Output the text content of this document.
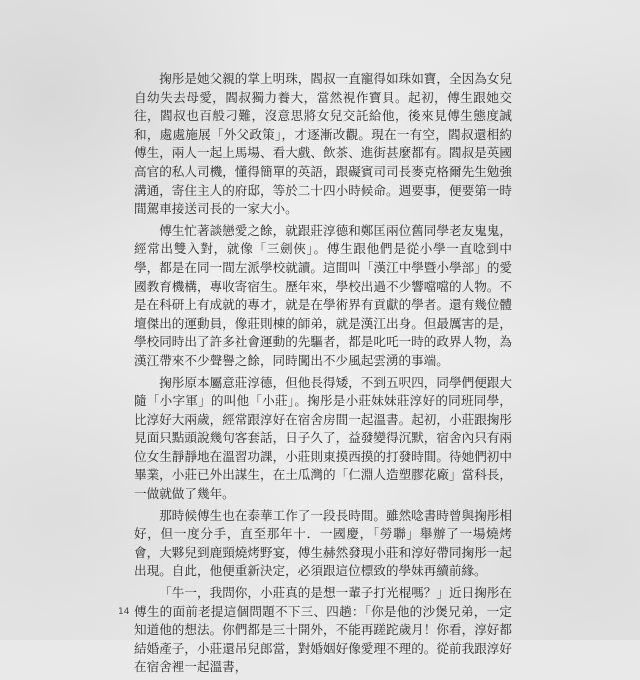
掬彤是她父親的掌上明珠，閻叔一直寵得如珠如寶，全因為女兒自幼失去母愛，閻叔獨力養大，當然視作寶貝。起初，傅生跟她交往，閻叔也百般刁難，沒意思將女兒交託給他，後來見傅生態度誠和，處處施展「外父政策」，才逐漸改觀。現在一有空，閻叔還相約傅生，兩人一起上馬場、看大戲、飲茶、進街甚麼都有。閻叔是英國高官的私人司機，懂得簡單的英語，跟礙賓司司長麥克格爾先生勉強溝通，寄住主人的府邸，等於二十四小時候命。週要事，便要第一時間駕車接送司長的一家大小。

傅生忙著談戀愛之餘，就跟莊淳德和鄭匡兩位舊同學老友鬼鬼，經常出雙入對，就像「三劍俠」。傅生跟他們是從小學一直唸到中學，都是在同一間左派學校就讀。這間叫「漢江中學暨小學部」的愛國教育機構，專收寄宿生。歷年來，學校出過不少響噹噹的人物。不是在科研上有成就的專才，就是在學術界有貢獻的學者。還有幾位體壇傑出的運動員，像莊則棟的師弟，就是漢江出身。但最厲害的是，學校同時出了許多社會運動的先驅者，都是叱吒一時的政界人物，為漢江帶來不少聲譽之餘，同時闖出不少風起雲湧的事端。

掬彤原本屬意莊淳德，但他長得矮，不到五呎四，同學們便跟大隨「小字軍」的叫他「小莊」。掬彤是小莊妹妹莊淳好的同班同學，比淳好大兩歲，經常跟淳好在宿舍房間一起溫書。起初，小莊跟掬彤見面只點頭說幾句客套話，日子久了，益發變得沉默，宿舍內只有兩位女生靜靜地在溫習功課，小莊則東摸西摸的打發時間。待她們初中畢業，小莊已外出謀生，在土瓜灣的「仁淵人造塑膠花廠」當科長，一做就做了幾年。

那時候傅生也在泰華工作了一段長時間。雖然唸書時曾與掬彤相好，但一度分手，直至那年十．一國慶，「勞聯」舉辦了一場燒烤會，大夥兒到鹿頸燒烤野宴，傅生赫然發現小莊和淳好帶同掬彤一起出現。自此，他便重新決定，必須跟這位標致的學妹再續前緣。

「牛一，我問你，小莊真的是想一輩子打光棍嗎？」近日掬彤在傅生的面前老提這個問題不下三、四趟：「你是他的沙煲兄弟，一定知道他的想法。你們都是三十開外，不能再蹉跎歲月！你看，淳好都結婚產子，小莊還吊兒郎當，對婚姻好像愛理不理的。從前我跟淳好在宿舍裡一起溫書，

14
